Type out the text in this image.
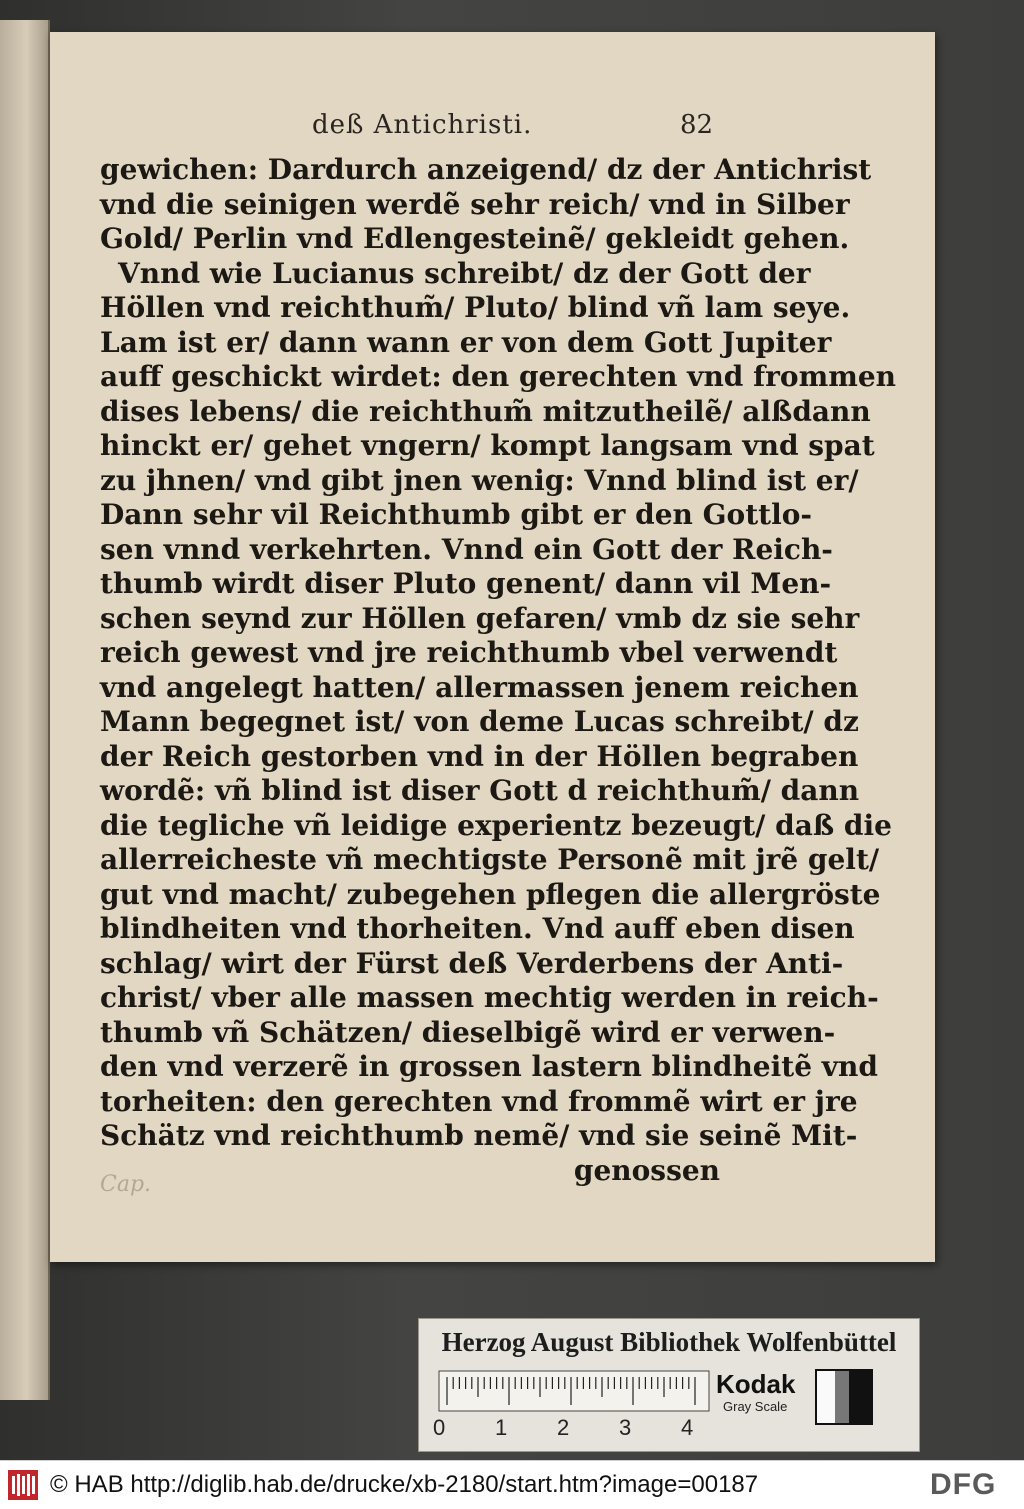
deß Antichristi.	82
gewichen: Dardurch anzeigend/ dz der Antichrist
vnd die seinigen werdẽ sehr reich/ vnd in Silber
Gold/ Perlin vnd Edlengesteinẽ/ gekleidt gehen.
Vnnd wie Lucianus schreibt/ dz der Gott der
Höllen vnd reichthum̃/ Pluto/ blind vñ lam seye.
Lam ist er/ dann wann er von dem Gott Jupiter
auff geschickt wirdet: den gerechten vnd frommen
dises lebens/ die reichthum̃ mitzutheilẽ/ alßdann
hinckt er/ gehet vngern/ kompt langsam vnd spat
zu jhnen/ vnd gibt jnen wenig: Vnnd blind ist er/
Dann sehr vil Reichthumb gibt er den Gottlo-
sen vnnd verkehrten. Vnnd ein Gott der Reich-
thumb wirdt diser Pluto genent/ dann vil Men-
schen seynd zur Höllen gefaren/ vmb dz sie sehr
reich gewest vnd jre reichthumb vbel verwendt
vnd angelegt hatten/ allermassen jenem reichen
Mann begegnet ist/ von deme Lucas schreibt/ dz
der Reich gestorben vnd in der Höllen begraben
wordẽ: vñ blind ist diser Gott d reichthum̃/ dann
die tegliche vñ leidige experientz bezeugt/ daß die
allerreicheste vñ mechtigste Personẽ mit jrẽ gelt/
gut vnd macht/ zubegehen pflegen die allergröste
blindheiten vnd thorheiten. Vnd auff eben disen
schlag/ wirt der Fürst deß Verderbens der Anti-
christ/ vber alle massen mechtig werden in reich-
thumb vñ Schätzen/ dieselbigẽ wird er verwen-
den vnd verzerẽ in grossen lastern blindheitẽ vnd
torheiten: den gerechten vnd frommẽ wirt er jre
Schätz vnd reichthumb nemẽ/ vnd sie seinẽ Mit-
genossen
Cap.
Herzog August Bibliothek Wolfenbüttel
0 1 2 3 4
Kodak
Gray Scale
© HAB http://diglib.hab.de/drucke/xb-2180/start.htm?image=00187	DFG
